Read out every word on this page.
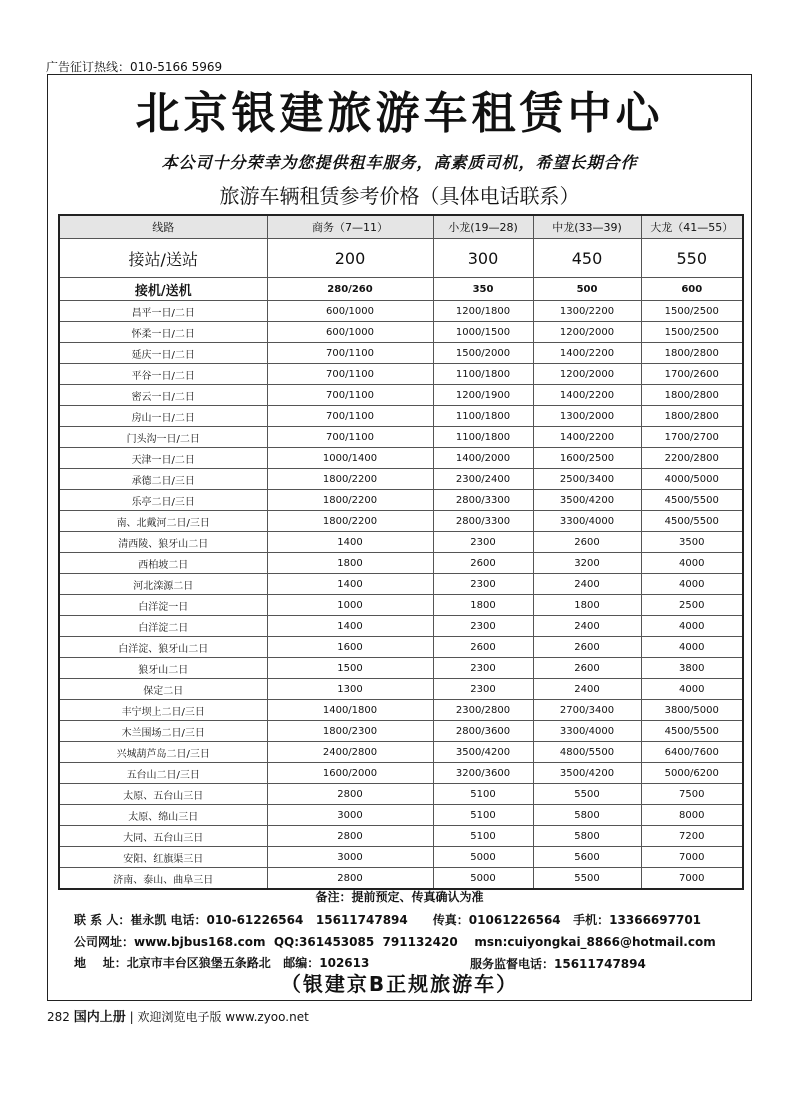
广告征订热线：010-5166 5969
北京银建旅游车租赁中心
本公司十分荣幸为您提供租车服务，高素质司机，希望长期合作
旅游车辆租赁参考价格（具体电话联系）
线路	商务（7—11）	小龙(19—28)	中龙(33—39)	大龙（41—55）
接站/送站	200	300	450	550
接机/送机	280/260	350	500	600
昌平一日/二日	600/1000	1200/1800	1300/2200	1500/2500
怀柔一日/二日	600/1000	1000/1500	1200/2000	1500/2500
延庆一日/二日	700/1100	1500/2000	1400/2200	1800/2800
平谷一日/二日	700/1100	1100/1800	1200/2000	1700/2600
密云一日/二日	700/1100	1200/1900	1400/2200	1800/2800
房山一日/二日	700/1100	1100/1800	1300/2000	1800/2800
门头沟一日/二日	700/1100	1100/1800	1400/2200	1700/2700
天津一日/二日	1000/1400	1400/2000	1600/2500	2200/2800
承德二日/三日	1800/2200	2300/2400	2500/3400	4000/5000
乐亭二日/三日	1800/2200	2800/3300	3500/4200	4500/5500
南、北戴河二日/三日	1800/2200	2800/3300	3300/4000	4500/5500
清西陵、狼牙山二日	1400	2300	2600	3500
西柏坡二日	1800	2600	3200	4000
河北滦源二日	1400	2300	2400	4000
白洋淀一日	1000	1800	1800	2500
白洋淀二日	1400	2300	2400	4000
白洋淀、狼牙山二日	1600	2600	2600	4000
狼牙山二日	1500	2300	2600	3800
保定二日	1300	2300	2400	4000
丰宁坝上二日/三日	1400/1800	2300/2800	2700/3400	3800/5000
木兰围场二日/三日	1800/2300	2800/3600	3300/4000	4500/5500
兴城葫芦岛二日/三日	2400/2800	3500/4200	4800/5500	6400/7600
五台山二日/三日	1600/2000	3200/3600	3500/4200	5000/6200
太原、五台山三日	2800	5100	5500	7500
太原、绵山三日	3000	5100	5800	8000
大同、五台山三日	2800	5100	5800	7200
安阳、红旗渠三日	3000	5000	5600	7000
济南、泰山、曲阜三日	2800	5000	5500	7000
备注：提前预定、传真确认为准
联 系 人：崔永凯 电话：010-61226564   15611747894      传真：01061226564   手机：13366697701
公司网址：www.bjbus168.com  QQ:361453085  791132420    msn:cuiyongkai_8866@hotmail.com
地    址：北京市丰台区狼堡五条路北   邮编：102613	服务监督电话：15611747894
（银建京B正规旅游车）
282 国内上册 | 欢迎浏览电子版 www.zyoo.net
